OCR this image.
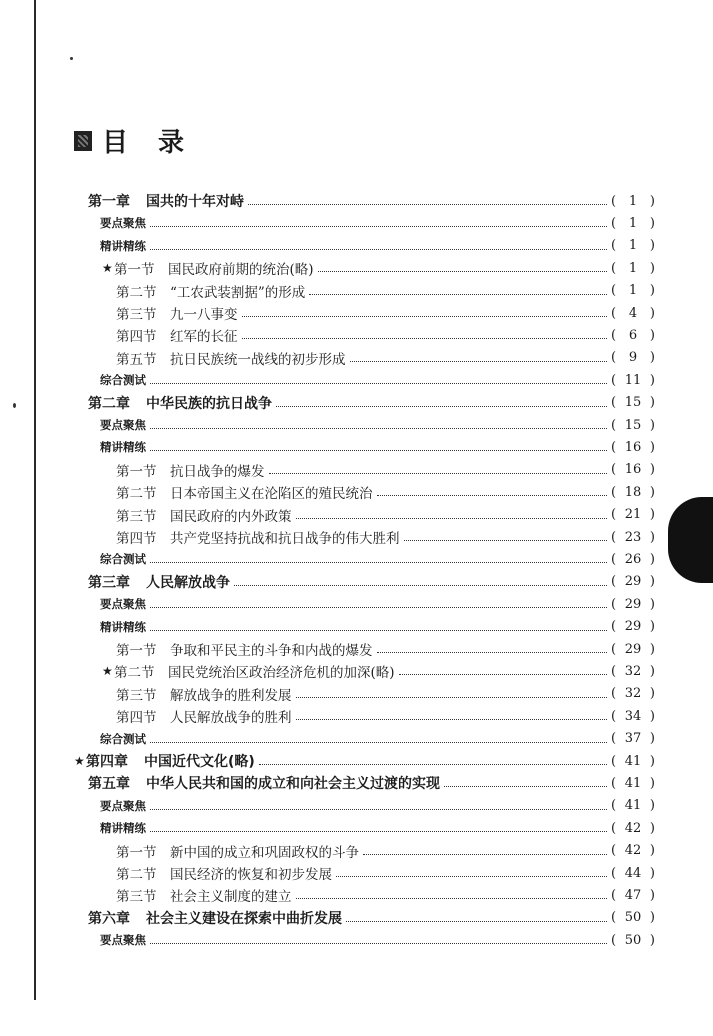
目　录
第一章 国共的十年对峙	( 1 )
要点聚焦	( 1 )
精讲精练	( 1 )
★ 第一节 国民政府前期的统治(略)	( 1 )
第二节 “工农武装割据”的形成	( 1 )
第三节 九一八事变	( 4 )
第四节 红军的长征	( 6 )
第五节 抗日民族统一战线的初步形成	( 9 )
综合测试	( 11 )
第二章 中华民族的抗日战争	( 15 )
要点聚焦	( 15 )
精讲精练	( 16 )
第一节 抗日战争的爆发	( 16 )
第二节 日本帝国主义在沦陷区的殖民统治	( 18 )
第三节 国民政府的内外政策	( 21 )
第四节 共产党坚持抗战和抗日战争的伟大胜利	( 23 )
综合测试	( 26 )
第三章 人民解放战争	( 29 )
要点聚焦	( 29 )
精讲精练	( 29 )
第一节 争取和平民主的斗争和内战的爆发	( 29 )
★ 第二节 国民党统治区政治经济危机的加深(略)	( 32 )
第三节 解放战争的胜利发展	( 32 )
第四节 人民解放战争的胜利	( 34 )
综合测试	( 37 )
★ 第四章 中国近代文化(略)	( 41 )
第五章 中华人民共和国的成立和向社会主义过渡的实现	( 41 )
要点聚焦	( 41 )
精讲精练	( 42 )
第一节 新中国的成立和巩固政权的斗争	( 42 )
第二节 国民经济的恢复和初步发展	( 44 )
第三节 社会主义制度的建立	( 47 )
第六章 社会主义建设在探索中曲折发展	( 50 )
要点聚焦	( 50 )
